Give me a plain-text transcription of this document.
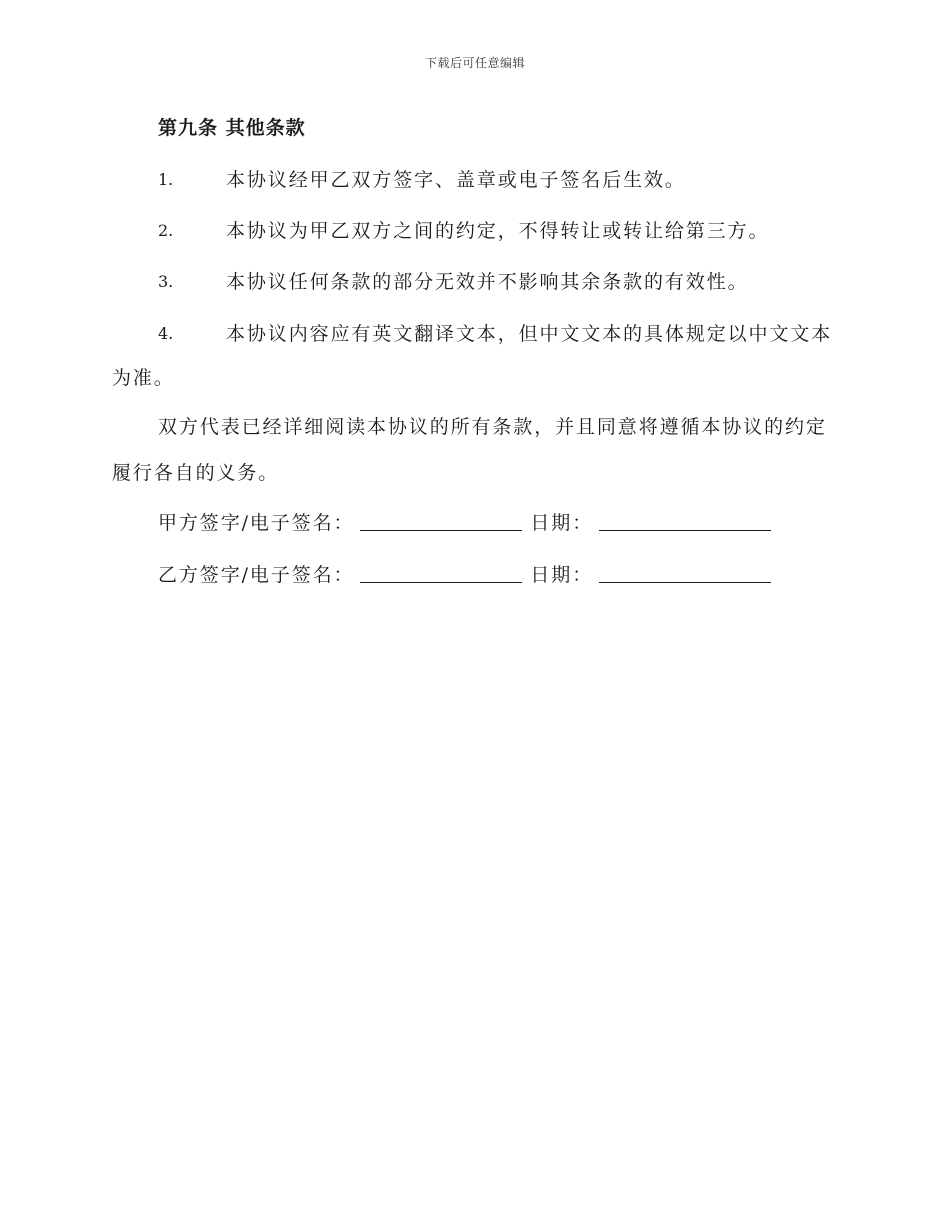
下载后可任意编辑
第九条 其他条款
1.	本协议经甲乙双方签字、盖章或电子签名后生效。
2.	本协议为甲乙双方之间的约定，不得转让或转让给第三方。
3.	本协议任何条款的部分无效并不影响其余条款的有效性。
4.	本协议内容应有英文翻译文本，但中文文本的具体规定以中文文本为准。
双方代表已经详细阅读本协议的所有条款，并且同意将遵循本协议的约定履行各自的义务。
甲方签字/电子签名：	日期：
乙方签字/电子签名：	日期：
